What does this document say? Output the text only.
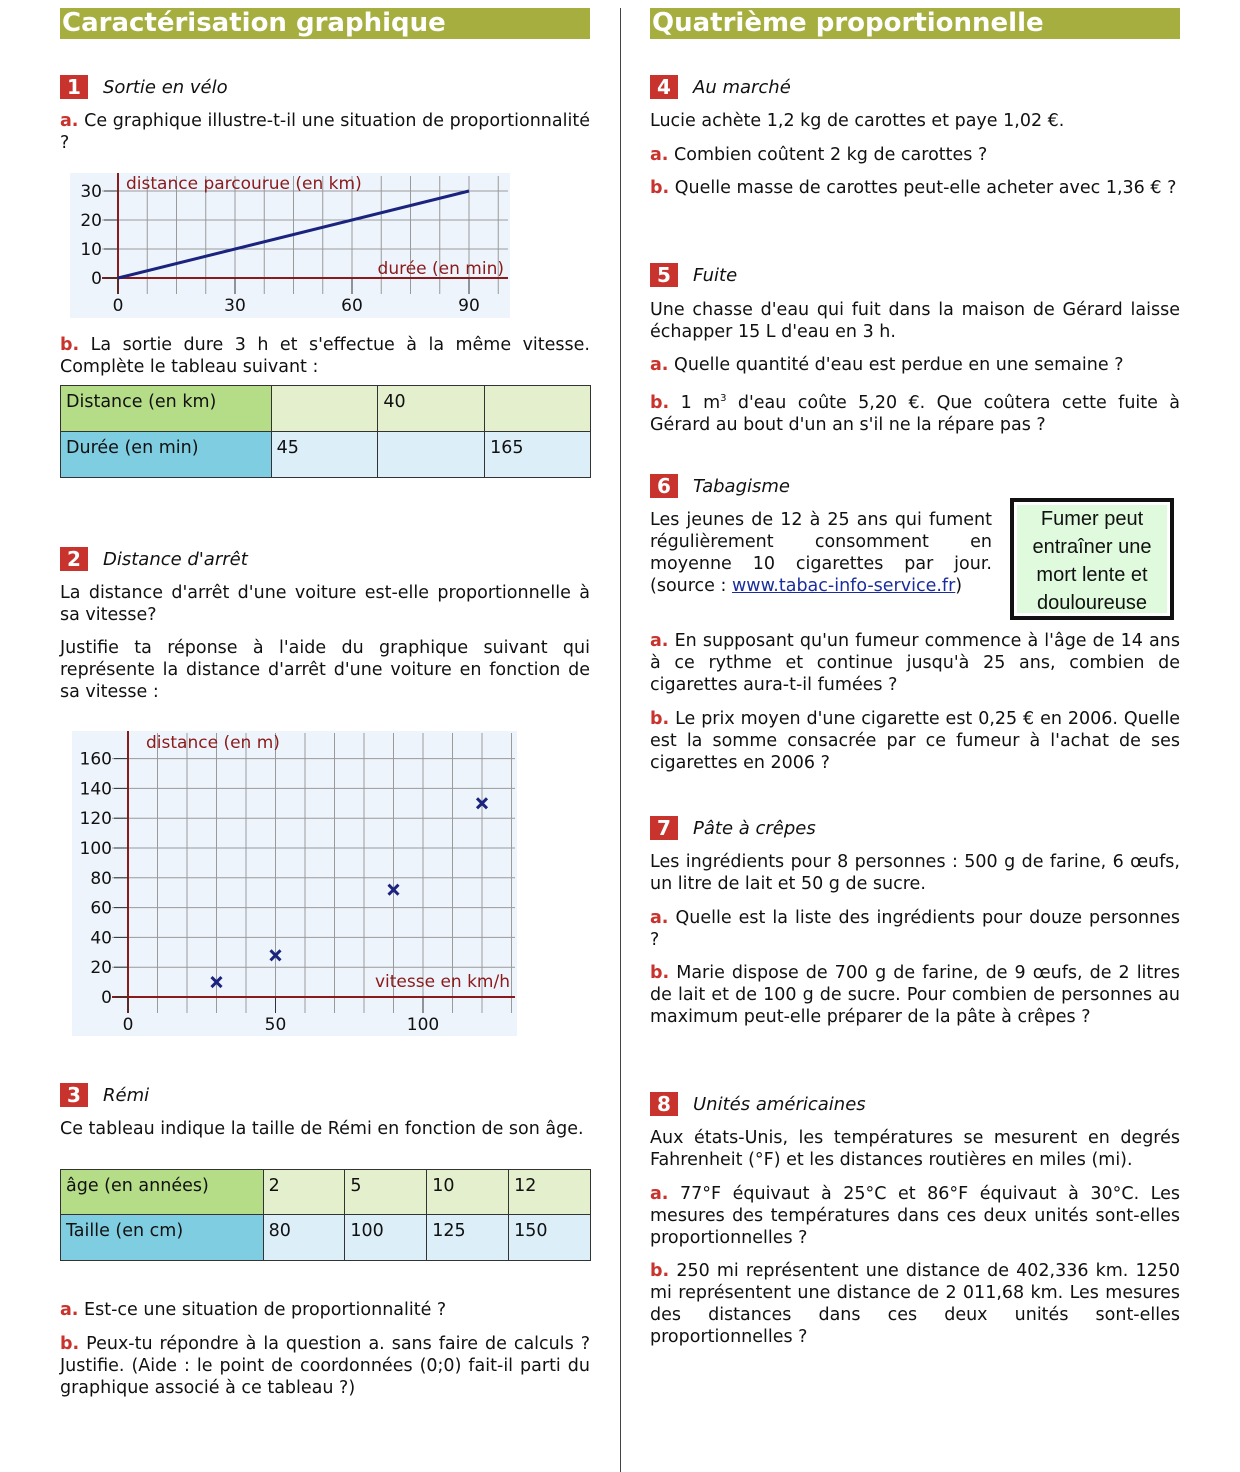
Caractérisation graphique
1	Sortie en vélo

a. Ce graphique illustre-t-il une situation de proportionnalité ?

0
10
20
30
0	30	60	90
distance parcourue (en km)
durée (en min)

b. La sortie dure 3 h et s'effectue à la même vitesse. Complète le tableau suivant :

Distance (en km)		40	
Durée (en min)	45		165
2	Distance d'arrêt

La distance d'arrêt d'une voiture est-elle proportionnelle à sa vitesse?

Justifie ta réponse à l'aide du graphique suivant qui représente la distance d'arrêt d'une voiture en fonction de sa vitesse :

0
20
40
60
80
100
120
140
160
0	50	100
distance (en m)
vitesse en km/h
3	Rémi

Ce tableau indique la taille de Rémi en fonction de son âge.

âge (en années)	2	5	10	12
Taille (en cm)	80	100	125	150

a. Est-ce une situation de proportionnalité ?

b. Peux-tu répondre à la question a. sans faire de calculs ? Justifie. (Aide : le point de coordonnées (0;0) fait-il parti du graphique associé à ce tableau ?)

Quatrième proportionnelle
4	Au marché

Lucie achète 1,2 kg de carottes et paye 1,02 €.

a. Combien coûtent 2 kg de carottes ?

b. Quelle masse de carottes peut-elle acheter avec 1,36 € ?

5	Fuite

Une chasse d'eau qui fuit dans la maison de Gérard laisse échapper 15 L d'eau en 3 h.

a. Quelle quantité d'eau est perdue en une semaine ?

b. 1 $m^3$ d'eau coûte 5,20 €. Que coûtera cette fuite à Gérard au bout d'un an s'il ne la répare pas ?

6	Tabagisme

Les jeunes de 12 à 25 ans qui fument régulièrement consomment en moyenne 10 cigarettes par jour. (source : www.tabac-info-service.fr)

Fumer peut entraîner une mort lente et douloureuse

a. En supposant qu'un fumeur commence à l'âge de 14 ans à ce rythme et continue jusqu'à 25 ans, combien de cigarettes aura-t-il fumées ?

b. Le prix moyen d'une cigarette est 0,25 € en 2006. Quelle est la somme consacrée par ce fumeur à l'achat de ses cigarettes en 2006 ?

7	Pâte à crêpes

Les ingrédients pour 8 personnes : 500 g de farine, 6 œufs, un litre de lait et 50 g de sucre.

a. Quelle est la liste des ingrédients pour douze personnes ?

b. Marie dispose de 700 g de farine, de 9 œufs, de 2 litres de lait et de 100 g de sucre. Pour combien de personnes au maximum peut-elle préparer de la pâte à crêpes ?

8	Unités américaines

Aux états-Unis, les températures se mesurent en degrés Fahrenheit (°F) et les distances routières en miles (mi).

a. 77°F équivaut à 25°C et 86°F équivaut à 30°C. Les mesures des températures dans ces deux unités sont-elles proportionnelles ?

b. 250 mi représentent une distance de 402,336 km. 1250 mi représentent une distance de 2 011,68 km. Les mesures des distances dans ces deux unités sont-elles proportionnelles ?
